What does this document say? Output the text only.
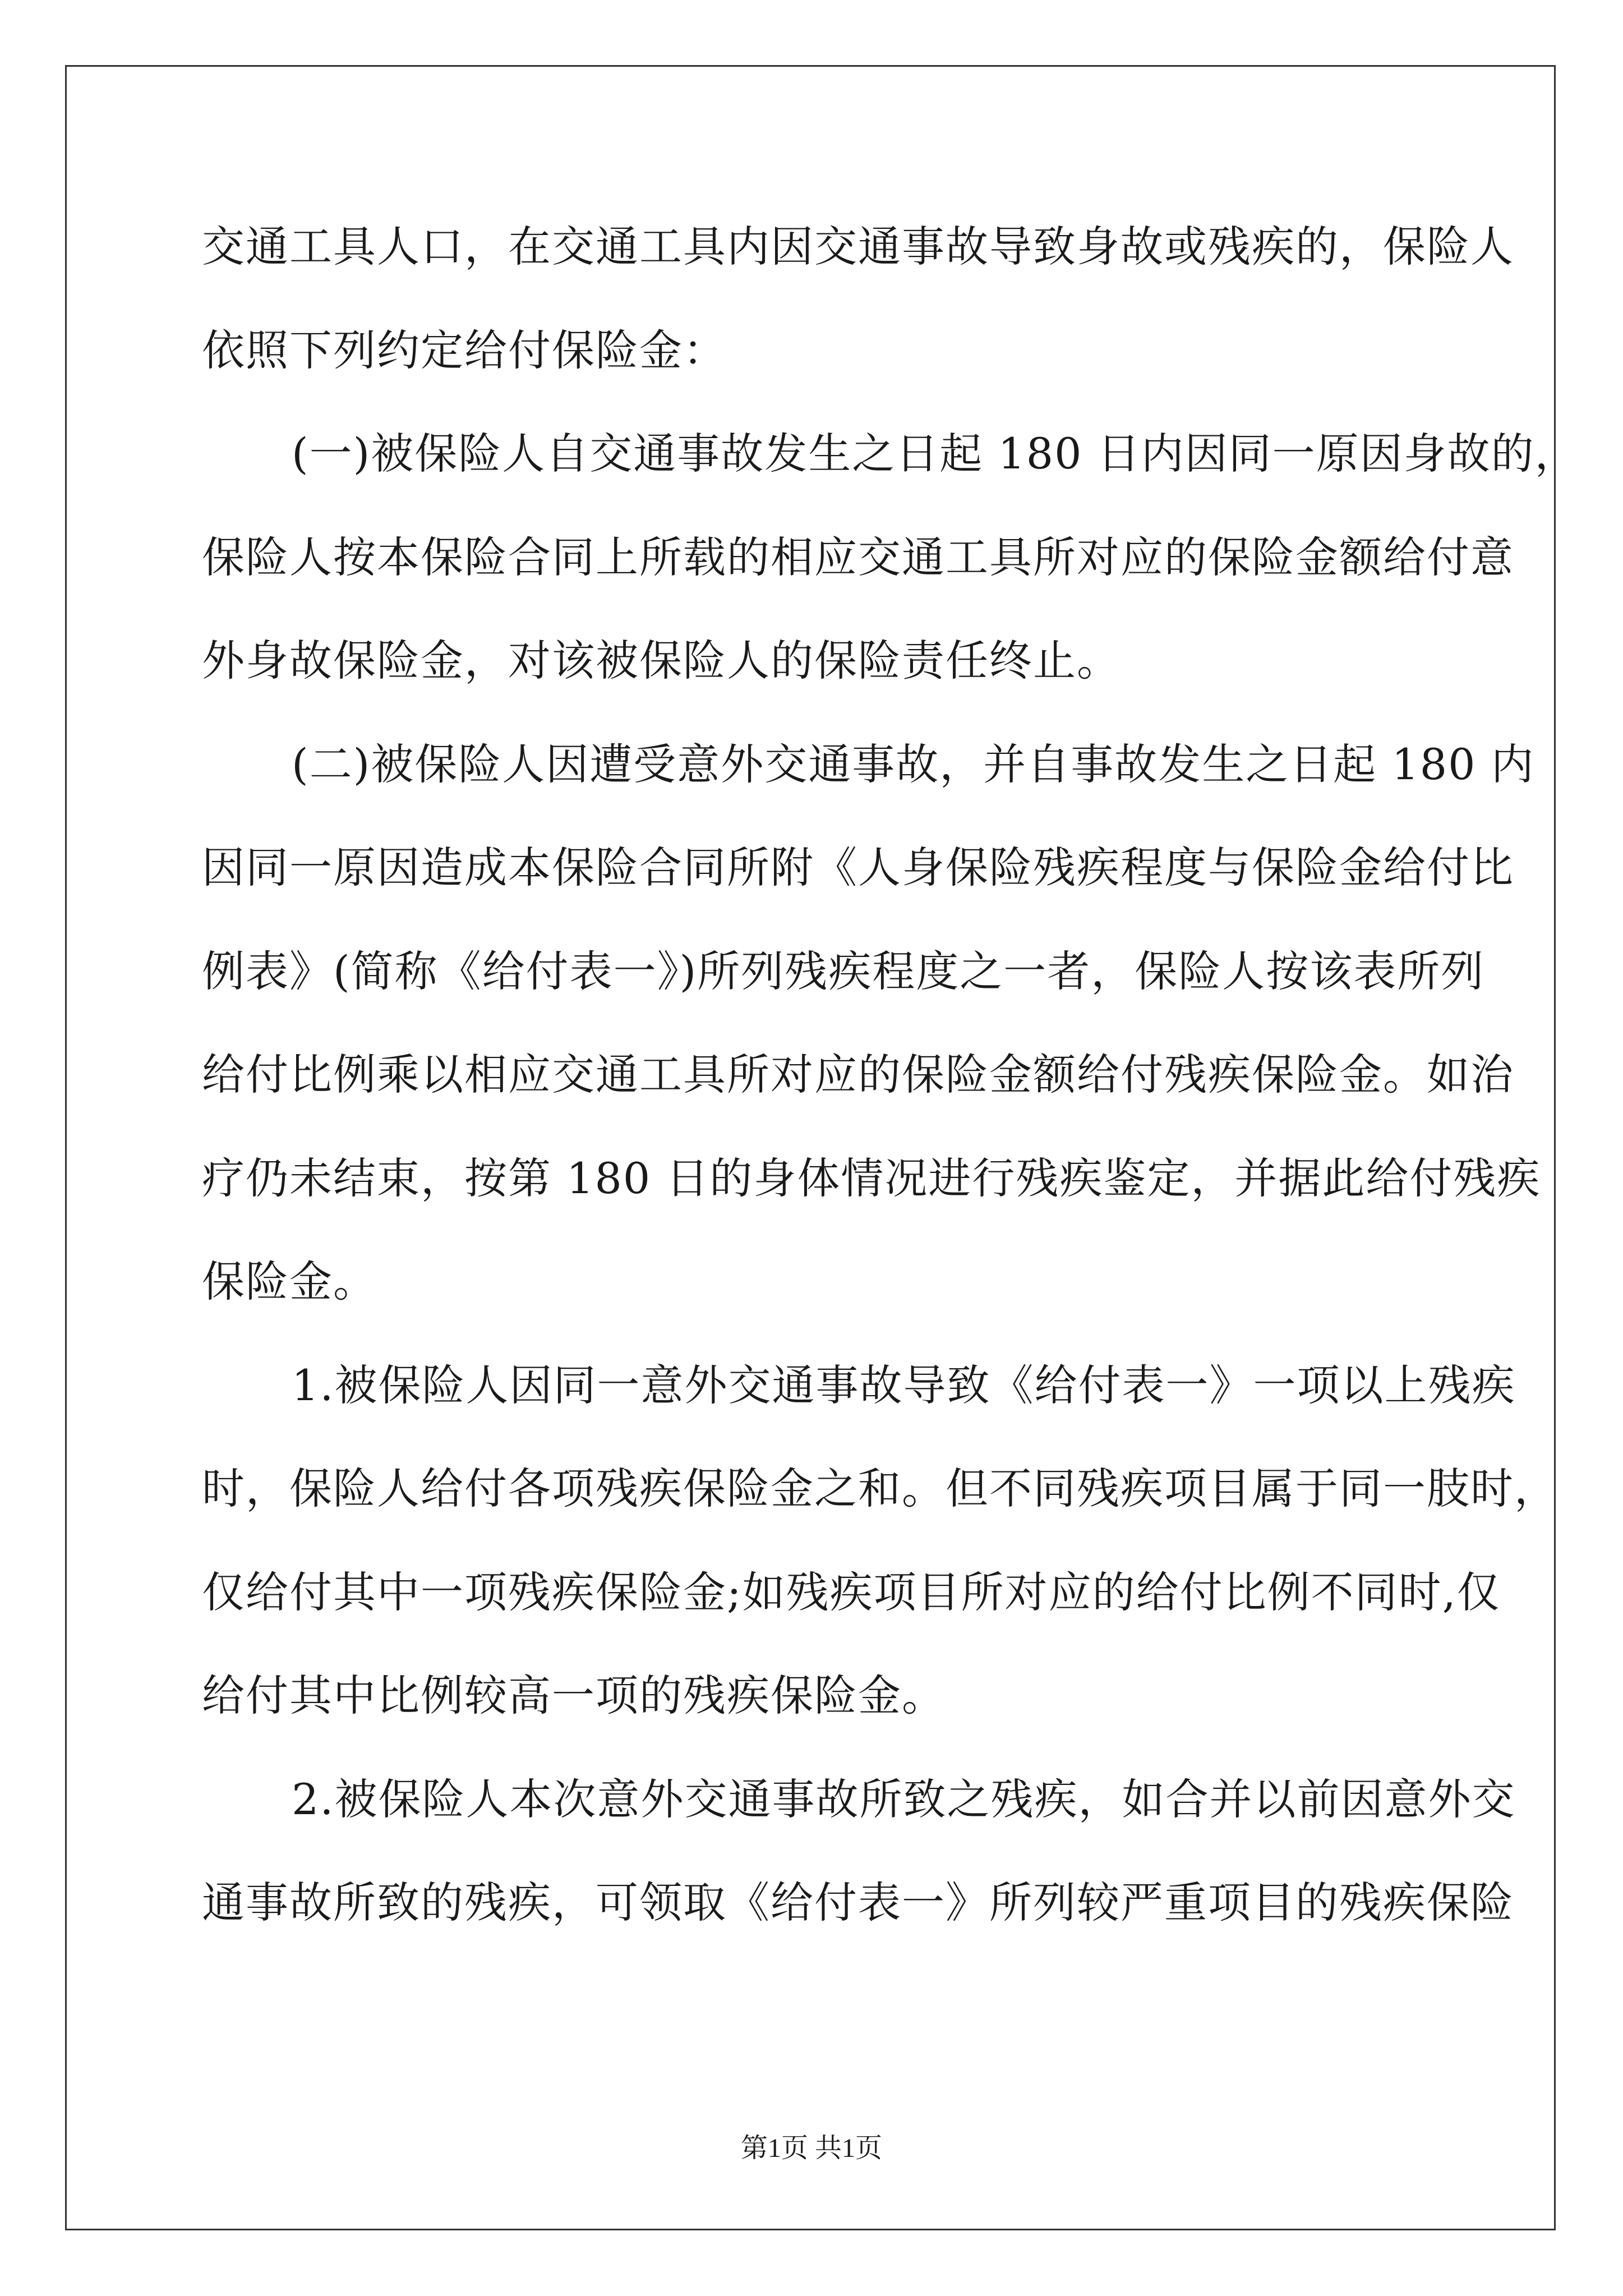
交通工具人口，在交通工具内因交通事故导致身故或残疾的，保险人
依照下列约定给付保险金：
(一)被保险人自交通事故发生之日起 180 日内因同一原因身故的，
保险人按本保险合同上所载的相应交通工具所对应的保险金额给付意
外身故保险金，对该被保险人的保险责任终止。
(二)被保险人因遭受意外交通事故，并自事故发生之日起 180 内
因同一原因造成本保险合同所附《人身保险残疾程度与保险金给付比
例表》(简称《给付表一》)所列残疾程度之一者，保险人按该表所列
给付比例乘以相应交通工具所对应的保险金额给付残疾保险金。如治
疗仍未结束，按第 180 日的身体情况进行残疾鉴定，并据此给付残疾
保险金。
1.被保险人因同一意外交通事故导致《给付表一》一项以上残疾
时，保险人给付各项残疾保险金之和。但不同残疾项目属于同一肢时，
仅给付其中一项残疾保险金;如残疾项目所对应的给付比例不同时,仅
给付其中比例较高一项的残疾保险金。
2.被保险人本次意外交通事故所致之残疾，如合并以前因意外交
通事故所致的残疾，可领取《给付表一》所列较严重项目的残疾保险
第1页 共1页
